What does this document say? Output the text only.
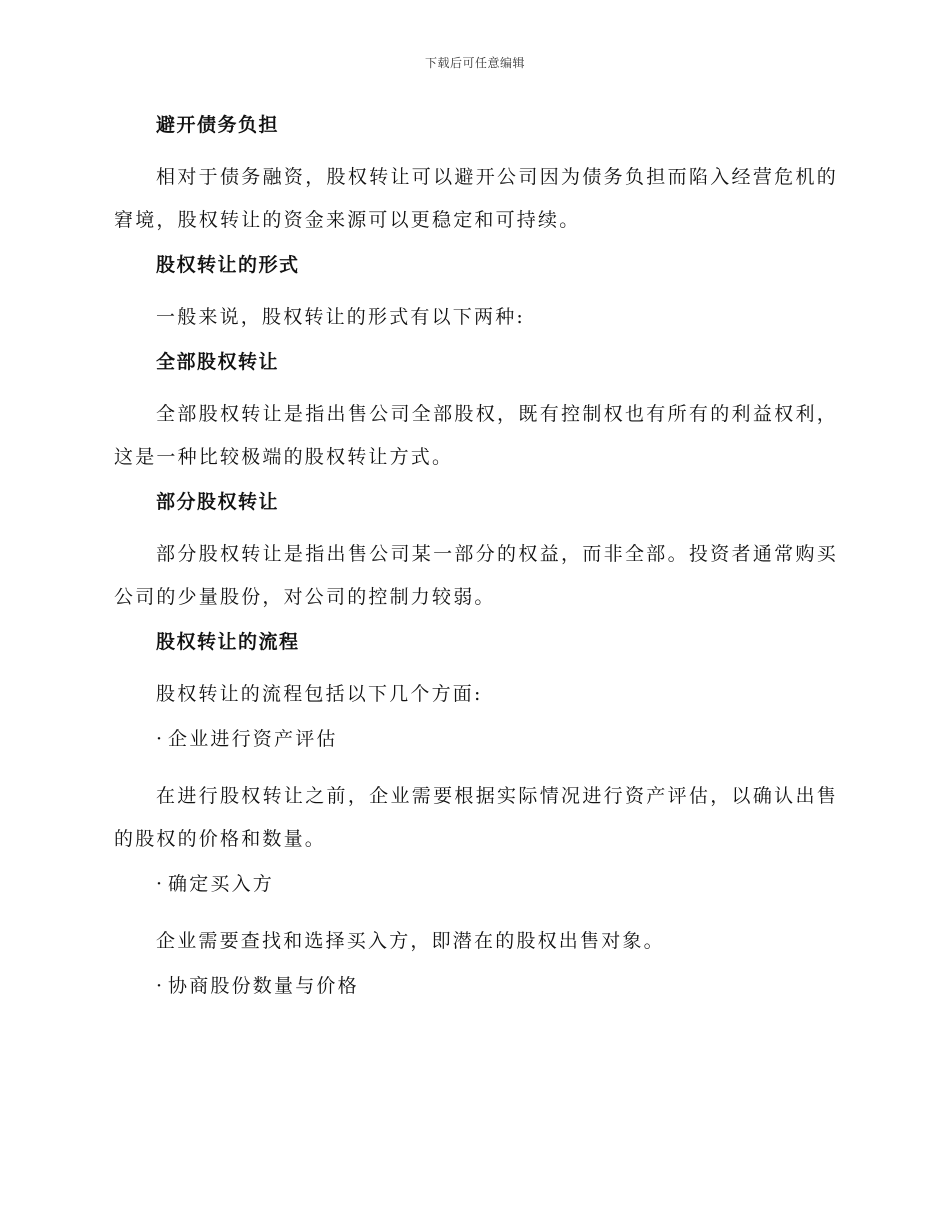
下载后可任意编辑
避开债务负担
相对于债务融资，股权转让可以避开公司因为债务负担而陷入经营危机的窘境，股权转让的资金来源可以更稳定和可持续。
股权转让的形式
一般来说，股权转让的形式有以下两种:
全部股权转让
全部股权转让是指出售公司全部股权，既有控制权也有所有的利益权利，这是一种比较极端的股权转让方式。
部分股权转让
部分股权转让是指出售公司某一部分的权益，而非全部。投资者通常购买公司的少量股份，对公司的控制力较弱。
股权转让的流程
股权转让的流程包括以下几个方面:
· 企业进行资产评估
在进行股权转让之前，企业需要根据实际情况进行资产评估，以确认出售的股权的价格和数量。
· 确定买入方
企业需要查找和选择买入方，即潜在的股权出售对象。
· 协商股份数量与价格
